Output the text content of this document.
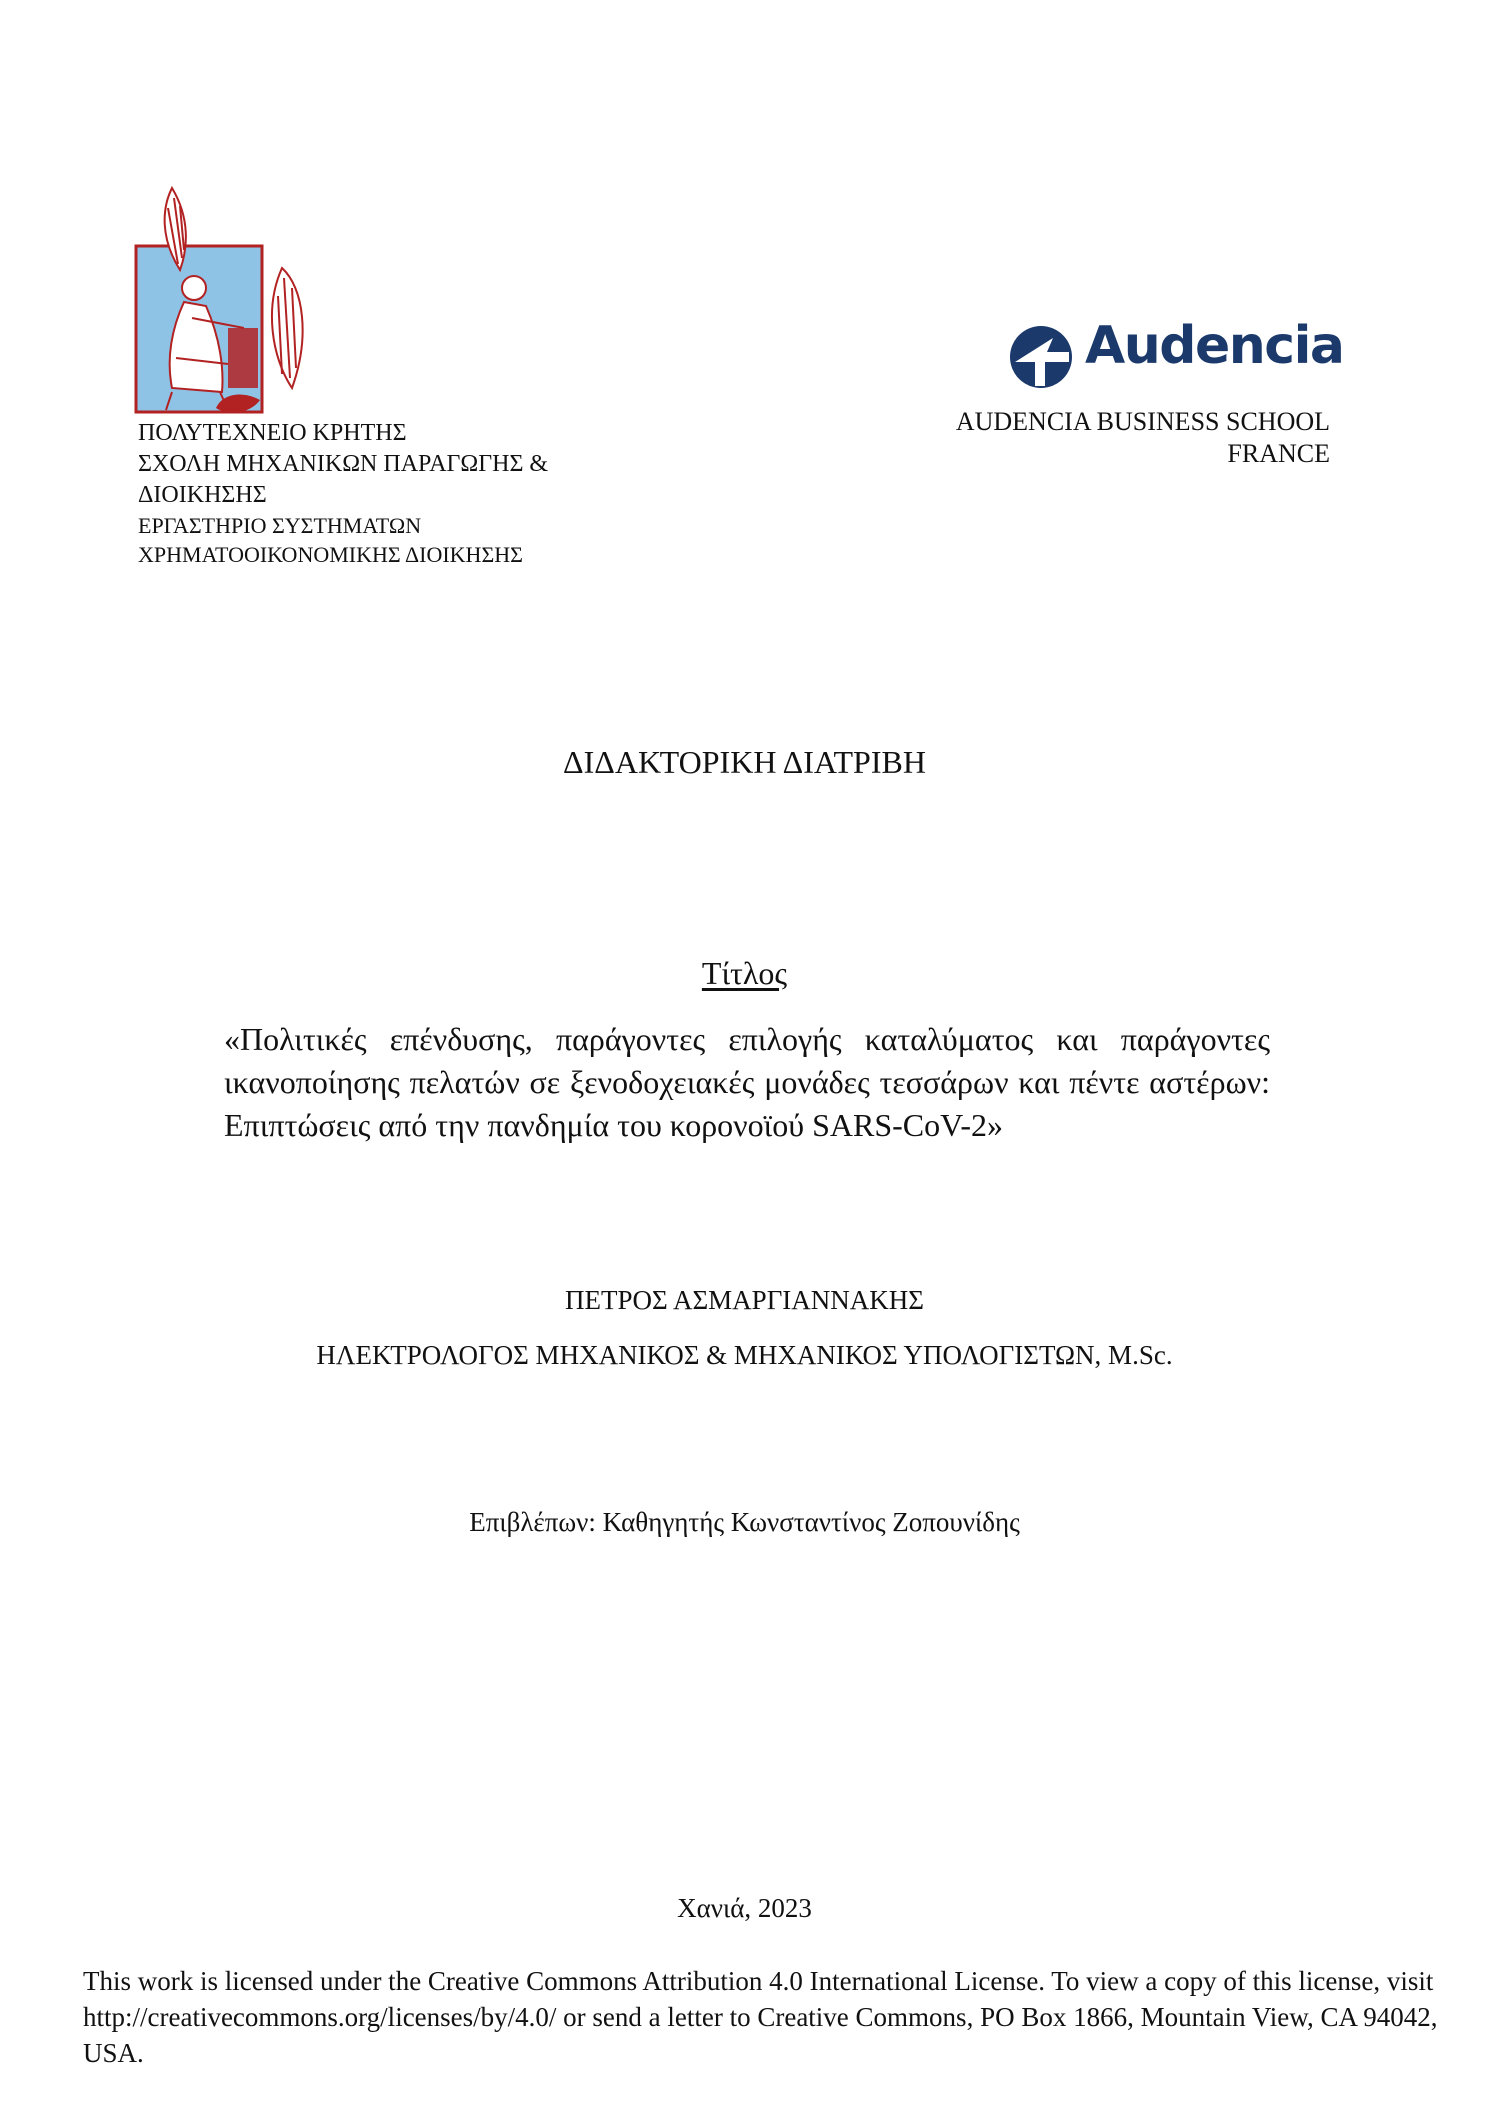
ΠΟΛΥΤΕΧΝΕΙΟ ΚΡΗΤΗΣ
ΣΧΟΛΗ ΜΗΧΑΝΙΚΩΝ ΠΑΡΑΓΩΓΗΣ &
ΔΙΟΙΚΗΣΗΣ
ΕΡΓΑΣΤΗΡΙΟ ΣΥΣΤΗΜΑΤΩΝ
ΧΡΗΜΑΤΟΟΙΚΟΝΟΜΙΚΗΣ ΔΙΟΙΚΗΣΗΣ
Audencia
AUDENCIA BUSINESS SCHOOL
FRANCE
ΔΙΔΑΚΤΟΡΙΚΗ ΔΙΑΤΡΙΒΗ
Τίτλος
«Πολιτικές επένδυσης, παράγοντες επιλογής καταλύματος και παράγοντες ικανοποίησης πελατών σε ξενοδοχειακές μονάδες τεσσάρων και πέντε αστέρων: Επιπτώσεις από την πανδημία του κορονοϊού SARS-CoV-2»
ΠΕΤΡΟΣ ΑΣΜΑΡΓΙΑΝΝΑΚΗΣ
ΗΛΕΚΤΡΟΛΟΓΟΣ ΜΗΧΑΝΙΚΟΣ & ΜΗΧΑΝΙΚΟΣ ΥΠΟΛΟΓΙΣΤΩΝ, M.Sc.
Επιβλέπων: Καθηγητής Κωνσταντίνος Ζοπουνίδης
Χανιά, 2023
This work is licensed under the Creative Commons Attribution 4.0 International License. To view a copy of this license, visit http://creativecommons.org/licenses/by/4.0/ or send a letter to Creative Commons, PO Box 1866, Mountain View, CA 94042, USA.
